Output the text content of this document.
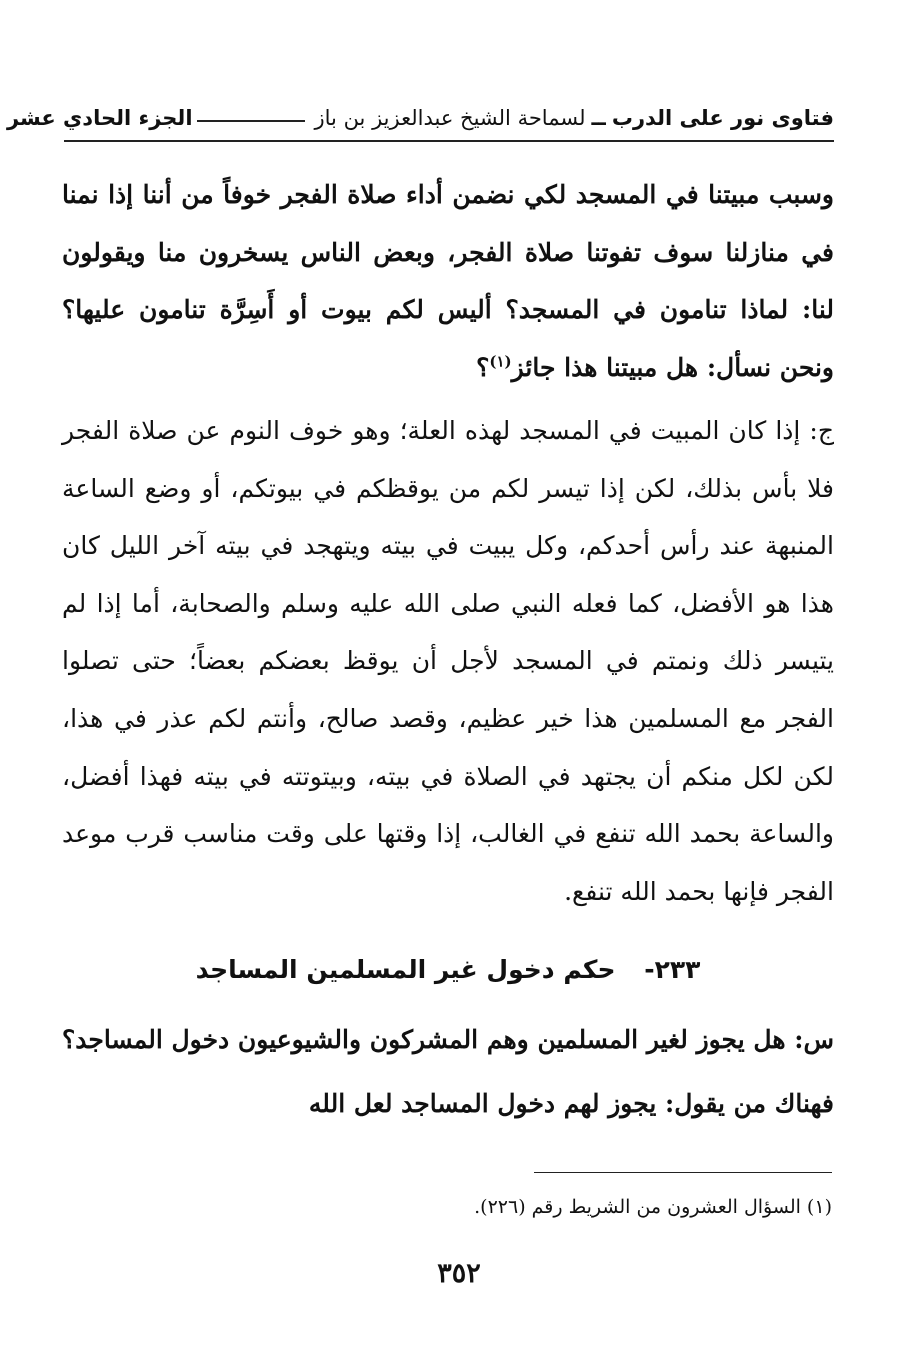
فتاوى نور على الدرب
ــ
لسماحة الشيخ عبدالعزيز بن باز
الجزء الحادي عشر
وسبب مبيتنا في المسجد لكي نضمن أداء صلاة الفجر خوفاً من أننا إذا نمنا في منازلنا سوف تفوتنا صلاة الفجر، وبعض الناس يسخرون منا ويقولون لنا: لماذا تنامون في المسجد؟ أليس لكم بيوت أو أَسِرَّة تنامون عليها؟ ونحن نسأل: هل مبيتنا هذا جائز$^{(١)}$؟
ج: إذا كان المبيت في المسجد لهذه العلة؛ وهو خوف النوم عن صلاة الفجر فلا بأس بذلك، لكن إذا تيسر لكم من يوقظكم في بيوتكم، أو وضع الساعة المنبهة عند رأس أحدكم، وكل يبيت في بيته ويتهجد في بيته آخر الليل كان هذا هو الأفضل، كما فعله النبي صلى الله عليه وسلم والصحابة، أما إذا لم يتيسر ذلك ونمتم في المسجد لأجل أن يوقظ بعضكم بعضاً؛ حتى تصلوا الفجر مع المسلمين هذا خير عظيم، وقصد صالح، وأنتم لكم عذر في هذا، لكن لكل منكم أن يجتهد في الصلاة في بيته، وبيتوتته في بيته فهذا أفضل، والساعة بحمد الله تنفع في الغالب، إذا وقتها على وقت مناسب قرب موعد الفجر فإنها بحمد الله تنفع.
٢٣٣- حكم دخول غير المسلمين المساجد
س: هل يجوز لغير المسلمين وهم المشركون والشيوعيون دخول المساجد؟ فهناك من يقول: يجوز لهم دخول المساجد لعل الله
(١) السؤال العشرون من الشريط رقم (٢٢٦).
٣٥٢
